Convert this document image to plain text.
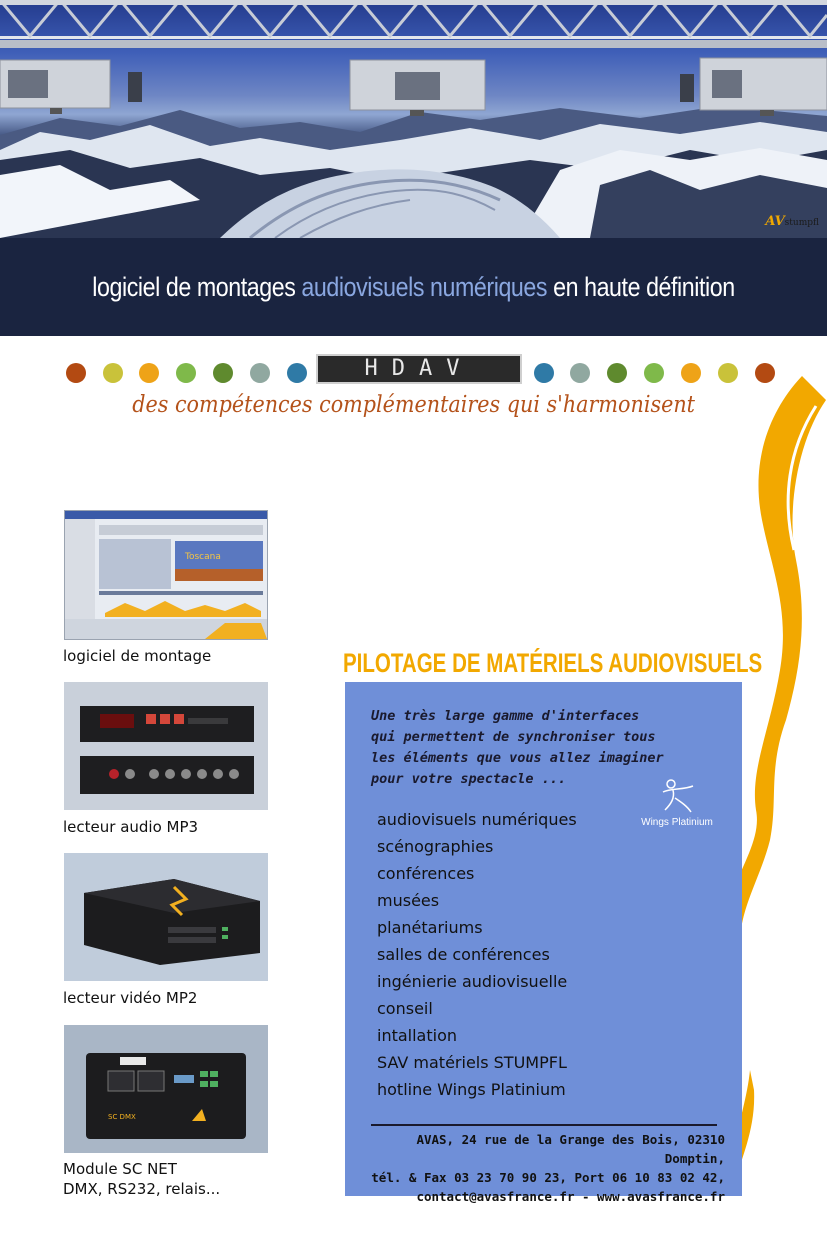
AVstumpfl
logiciel de montages audiovisuels numériques en haute définition
HDAV
des compétences complémentaires qui s'harmonisent
Toscana
logiciel de montage
lecteur audio MP3
lecteur vidéo MP2
SC DMX
Module SC NET
DMX, RS232, relais...
PILOTAGE DE MATÉRIELS AUDIOVISUELS
Une très large gamme d'interfaces
qui permettent de synchroniser tous
les éléments que vous allez imaginer
pour votre spectacle ...
Wings Platinium
audiovisuels numériques
scénographies
conférences
musées
planétariums
salles de conférences
ingénierie audiovisuelle
conseil
intallation
SAV matériels STUMPFL
hotline Wings Platinium
AVAS, 24 rue de la Grange des Bois, 02310 Domptin,
tél. & Fax 03 23 70 90 23, Port 06 10 83 02 42,
contact@avasfrance.fr - www.avasfrance.fr
